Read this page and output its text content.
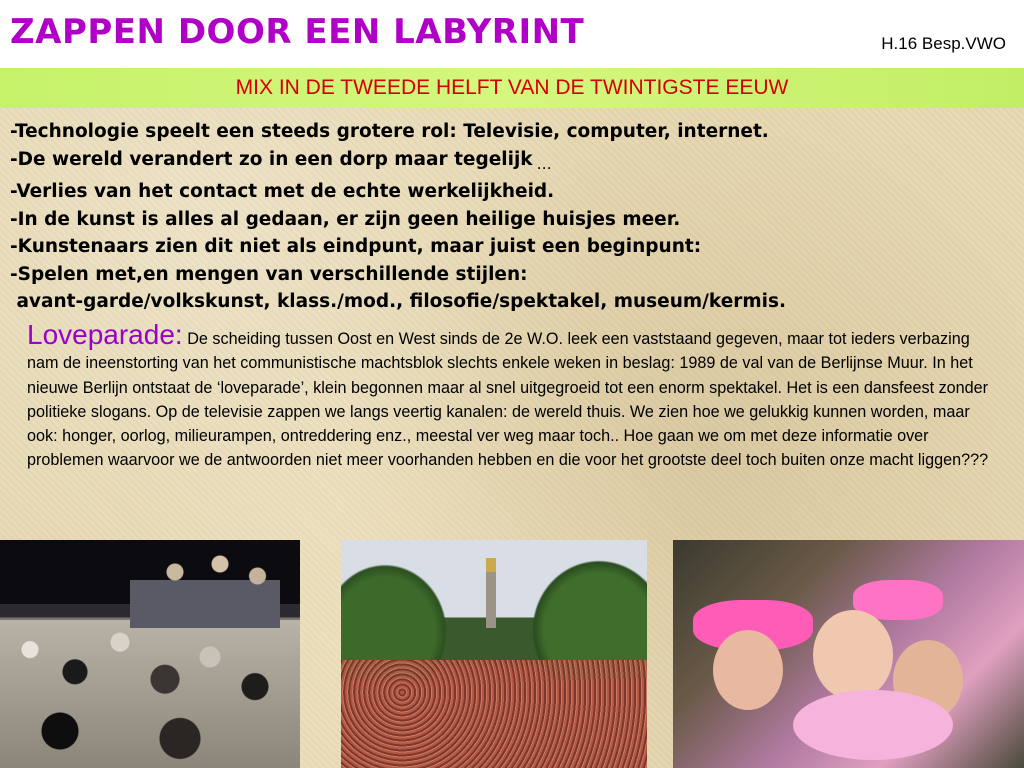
ZAPPEN DOOR EEN LABYRINT	H.16 Besp.VWO
MIX IN DE TWEEDE HELFT VAN DE TWINTIGSTE EEUW
-Technologie speelt een steeds grotere rol: Televisie, computer, internet.
-De wereld verandert zo in een dorp maar tegelijk $_\dots$
-Verlies van het contact met de echte werkelijkheid.
-In de kunst is alles al gedaan, er zijn geen heilige huisjes meer.
-Kunstenaars zien dit niet als eindpunt, maar juist een beginpunt:
-Spelen met,en mengen van verschillende stijlen:
avant-garde/volkskunst, klass./mod., filosofie/spektakel, museum/kermis.
Loveparade: De scheiding tussen Oost en West sinds de 2e W.O. leek een vaststaand gegeven, maar tot ieders verbazing nam de ineenstorting van het communistische machtsblok slechts enkele weken in beslag: 1989 de val van de Berlijnse Muur. In het nieuwe Berlijn ontstaat de ‘loveparade’, klein begonnen maar al snel uitgegroeid tot een enorm spektakel. Het is een dansfeest zonder politieke slogans. Op de televisie zappen we langs veertig kanalen: de wereld thuis. We zien hoe we gelukkig kunnen worden, maar ook: honger, oorlog, milieurampen, ontreddering enz., meestal ver weg maar toch.. Hoe gaan we om met deze informatie over problemen waarvoor we de antwoorden niet meer voorhanden hebben en die voor het grootste deel toch buiten onze macht liggen???
